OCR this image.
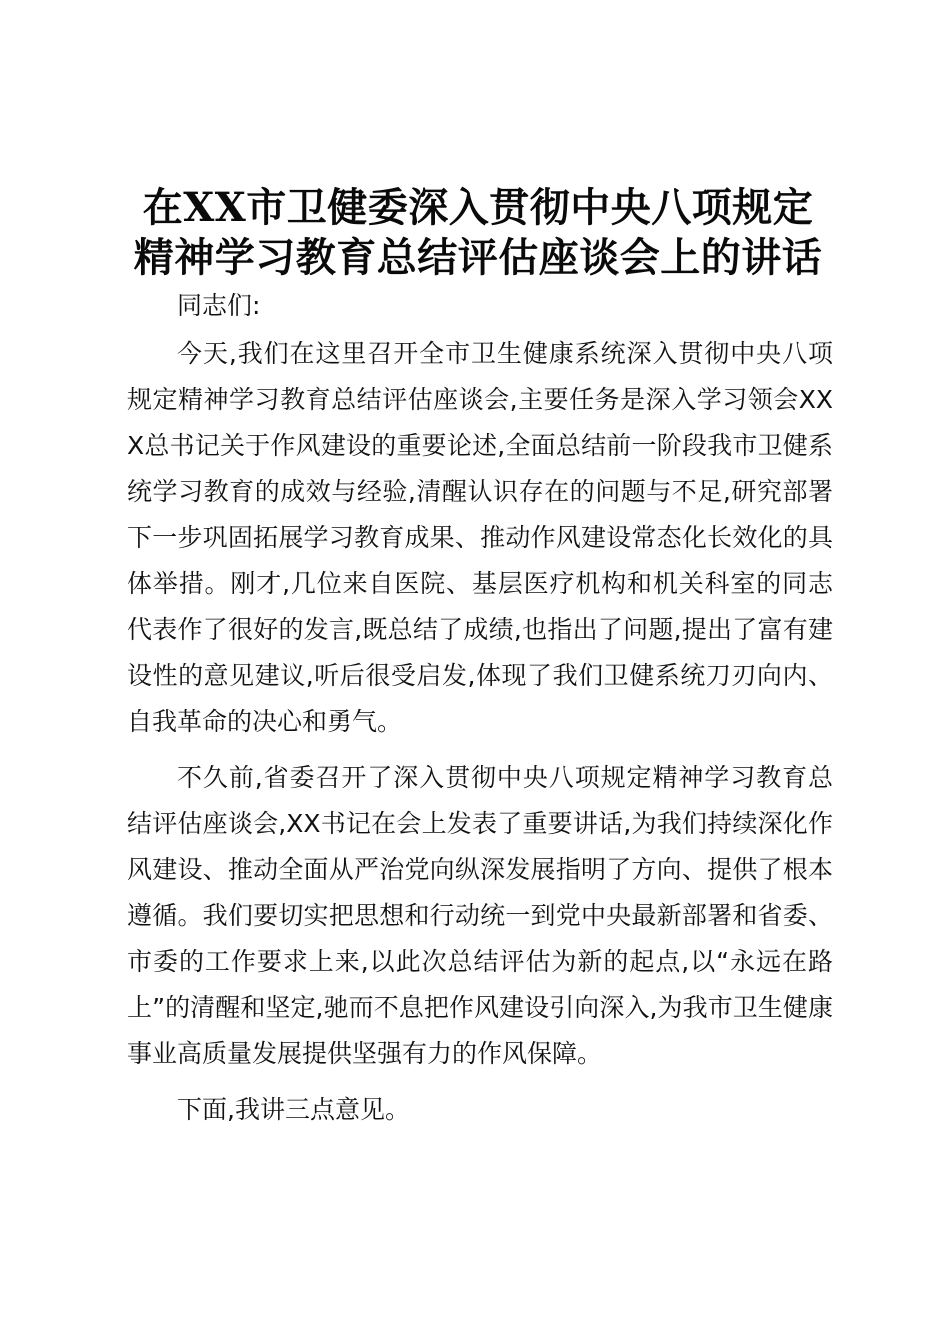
在XX市卫健委深入贯彻中央八项规定
精神学习教育总结评估座谈会上的讲话

同志们:

今天,我们在这里召开全市卫生健康系统深入贯彻中央八项规定精神学习教育总结评估座谈会,主要任务是深入学习领会XXX总书记关于作风建设的重要论述,全面总结前一阶段我市卫健系统学习教育的成效与经验,清醒认识存在的问题与不足,研究部署下一步巩固拓展学习教育成果、推动作风建设常态化长效化的具体举措。刚才,几位来自医院、基层医疗机构和机关科室的同志代表作了很好的发言,既总结了成绩,也指出了问题,提出了富有建设性的意见建议,听后很受启发,体现了我们卫健系统刀刃向内、自我革命的决心和勇气。

不久前,省委召开了深入贯彻中央八项规定精神学习教育总结评估座谈会,XX书记在会上发表了重要讲话,为我们持续深化作风建设、推动全面从严治党向纵深发展指明了方向、提供了根本遵循。我们要切实把思想和行动统一到党中央最新部署和省委、市委的工作要求上来,以此次总结评估为新的起点,以“永远在路上”的清醒和坚定,驰而不息把作风建设引向深入,为我市卫生健康事业高质量发展提供坚强有力的作风保障。

下面,我讲三点意见。
